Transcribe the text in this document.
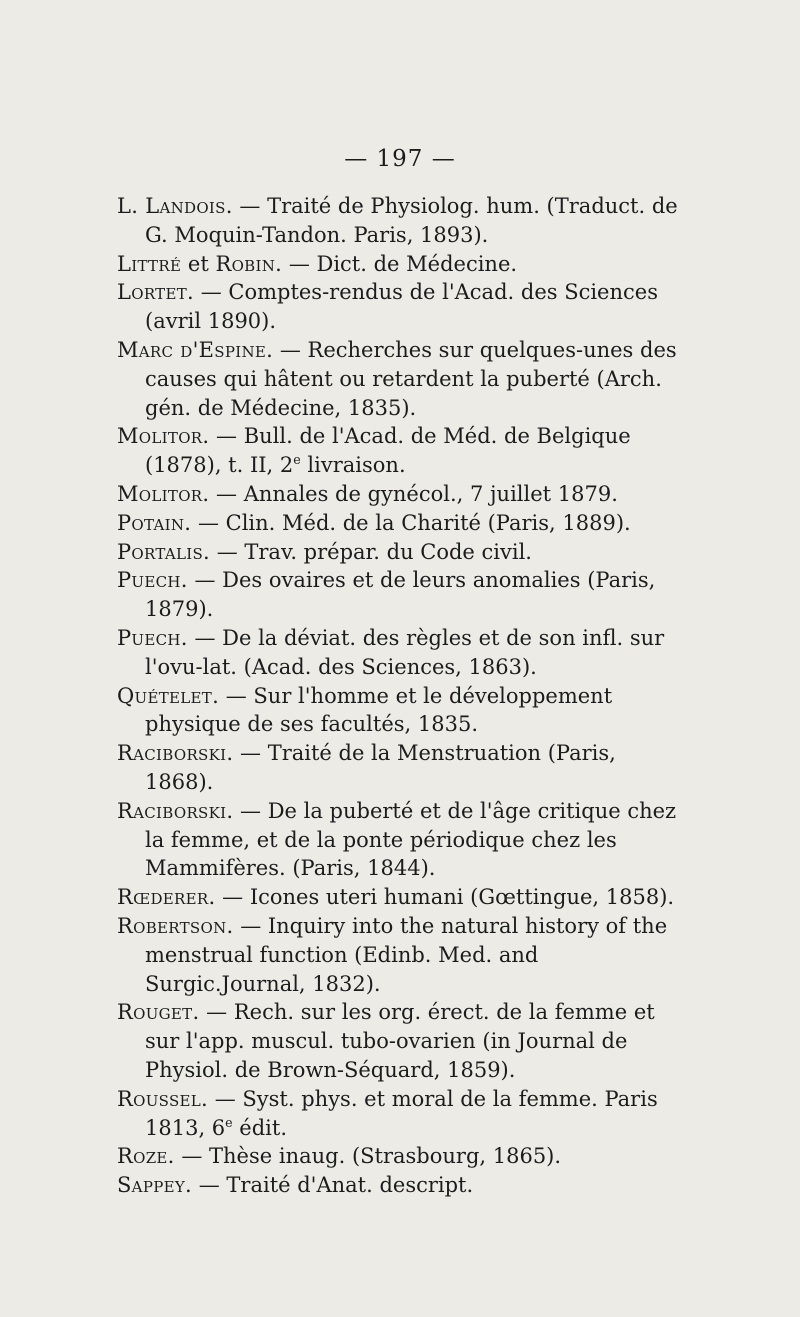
— 197 —

L. Landois. — Traité de Physiolog. hum. (Traduct. de G. Moquin-Tandon. Paris, 1893).

Littré et Robin. — Dict. de Médecine.

Lortet. — Comptes-rendus de l'Acad. des Sciences (avril 1890).

Marc d'Espine. — Recherches sur quelques-unes des causes qui hâtent ou retardent la puberté (Arch. gén. de Médecine, 1835).

Molitor. — Bull. de l'Acad. de Méd. de Belgique (1878), t. II, 2e livraison.

Molitor. — Annales de gynécol., 7 juillet 1879.

Potain. — Clin. Méd. de la Charité (Paris, 1889).

Portalis. — Trav. prépar. du Code civil.

Puech. — Des ovaires et de leurs anomalies (Paris, 1879).

Puech. — De la déviat. des règles et de son infl. sur l'ovu-lat. (Acad. des Sciences, 1863).

Quételet. — Sur l'homme et le développement physique de ses facultés, 1835.

Raciborski. — Traité de la Menstruation (Paris, 1868).

Raciborski. — De la puberté et de l'âge critique chez la femme, et de la ponte périodique chez les Mammifères. (Paris, 1844).

Rœderer. — Icones uteri humani (Gœttingue, 1858).

Robertson. — Inquiry into the natural history of the menstrual function (Edinb. Med. and Surgic.Journal, 1832).

Rouget. — Rech. sur les org. érect. de la femme et sur l'app. muscul. tubo-ovarien (in Journal de Physiol. de Brown-Séquard, 1859).

Roussel. — Syst. phys. et moral de la femme. Paris 1813, 6e édit.

Roze. — Thèse inaug. (Strasbourg, 1865).

Sappey. — Traité d'Anat. descript.
